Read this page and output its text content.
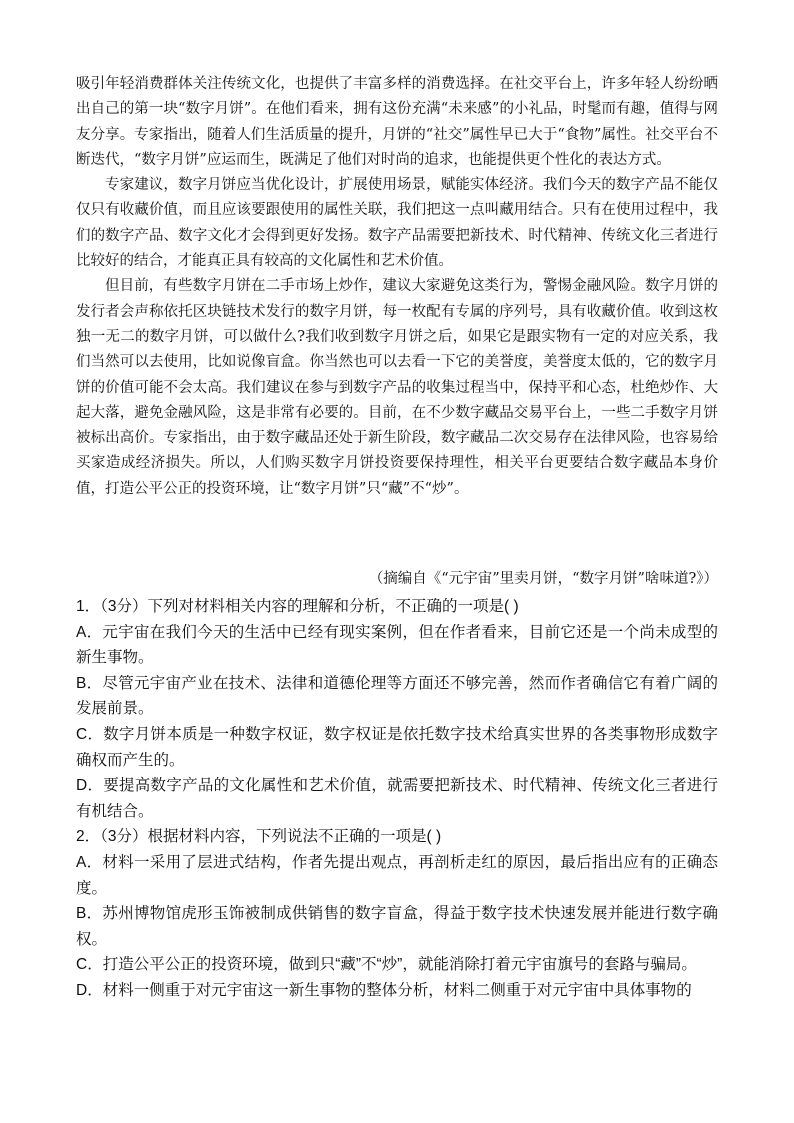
吸引年轻消费群体关注传统文化，也提供了丰富多样的消费选择。在社交平台上，许多年轻人纷纷晒出自己的第一块“数字月饼”。在他们看来，拥有这份充满“未来感”的小礼品，时髦而有趣，值得与网友分享。专家指出，随着人们生活质量的提升，月饼的“社交”属性早已大于“食物”属性。社交平台不断迭代，“数字月饼”应运而生，既满足了他们对时尚的追求，也能提供更个性化的表达方式。

专家建议，数字月饼应当优化设计，扩展使用场景，赋能实体经济。我们今天的数字产品不能仅仅只有收藏价值，而且应该要跟使用的属性关联，我们把这一点叫藏用结合。只有在使用过程中，我们的数字产品、数字文化才会得到更好发扬。数字产品需要把新技术、时代精神、传统文化三者进行比较好的结合，才能真正具有较高的文化属性和艺术价值。

但目前，有些数字月饼在二手市场上炒作，建议大家避免这类行为，警惕金融风险。数字月饼的发行者会声称依托区块链技术发行的数字月饼，每一枚配有专属的序列号，具有收藏价值。收到这枚独一无二的数字月饼，可以做什么?我们收到数字月饼之后，如果它是跟实物有一定的对应关系，我们当然可以去使用，比如说像盲盒。你当然也可以去看一下它的美誉度，美誉度太低的，它的数字月饼的价值可能不会太高。我们建议在参与到数字产品的收集过程当中，保持平和心态，杜绝炒作、大起大落，避免金融风险，这是非常有必要的。目前，在不少数字藏品交易平台上，一些二手数字月饼被标出高价。专家指出，由于数字藏品还处于新生阶段，数字藏品二次交易存在法律风险，也容易给买家造成经济损失。所以，人们购买数字月饼投资要保持理性，相关平台更要结合数字藏品本身价值，打造公平公正的投资环境，让“数字月饼”只“藏”不“炒”。

（摘编自《“元宇宙”里卖月饼，“数字月饼”啥味道?》）

1．（3分）下列对材料相关内容的理解和分析，不正确的一项是( )

A．元宇宙在我们今天的生活中已经有现实案例，但在作者看来，目前它还是一个尚未成型的新生事物。

B．尽管元宇宙产业在技术、法律和道德伦理等方面还不够完善，然而作者确信它有着广阔的发展前景。

C．数字月饼本质是一种数字权证，数字权证是依托数字技术给真实世界的各类事物形成数字确权而产生的。

D．要提高数字产品的文化属性和艺术价值，就需要把新技术、时代精神、传统文化三者进行有机结合。

2．（3分）根据材料内容，下列说法不正确的一项是( )

A．材料一采用了层进式结构，作者先提出观点，再剖析走红的原因，最后指出应有的正确态度。

B．苏州博物馆虎形玉饰被制成供销售的数字盲盒，得益于数字技术快速发展并能进行数字确权。

C．打造公平公正的投资环境，做到只“藏”不“炒”，就能消除打着元宇宙旗号的套路与骗局。

D．材料一侧重于对元宇宙这一新生事物的整体分析，材料二侧重于对元宇宙中具体事物的
